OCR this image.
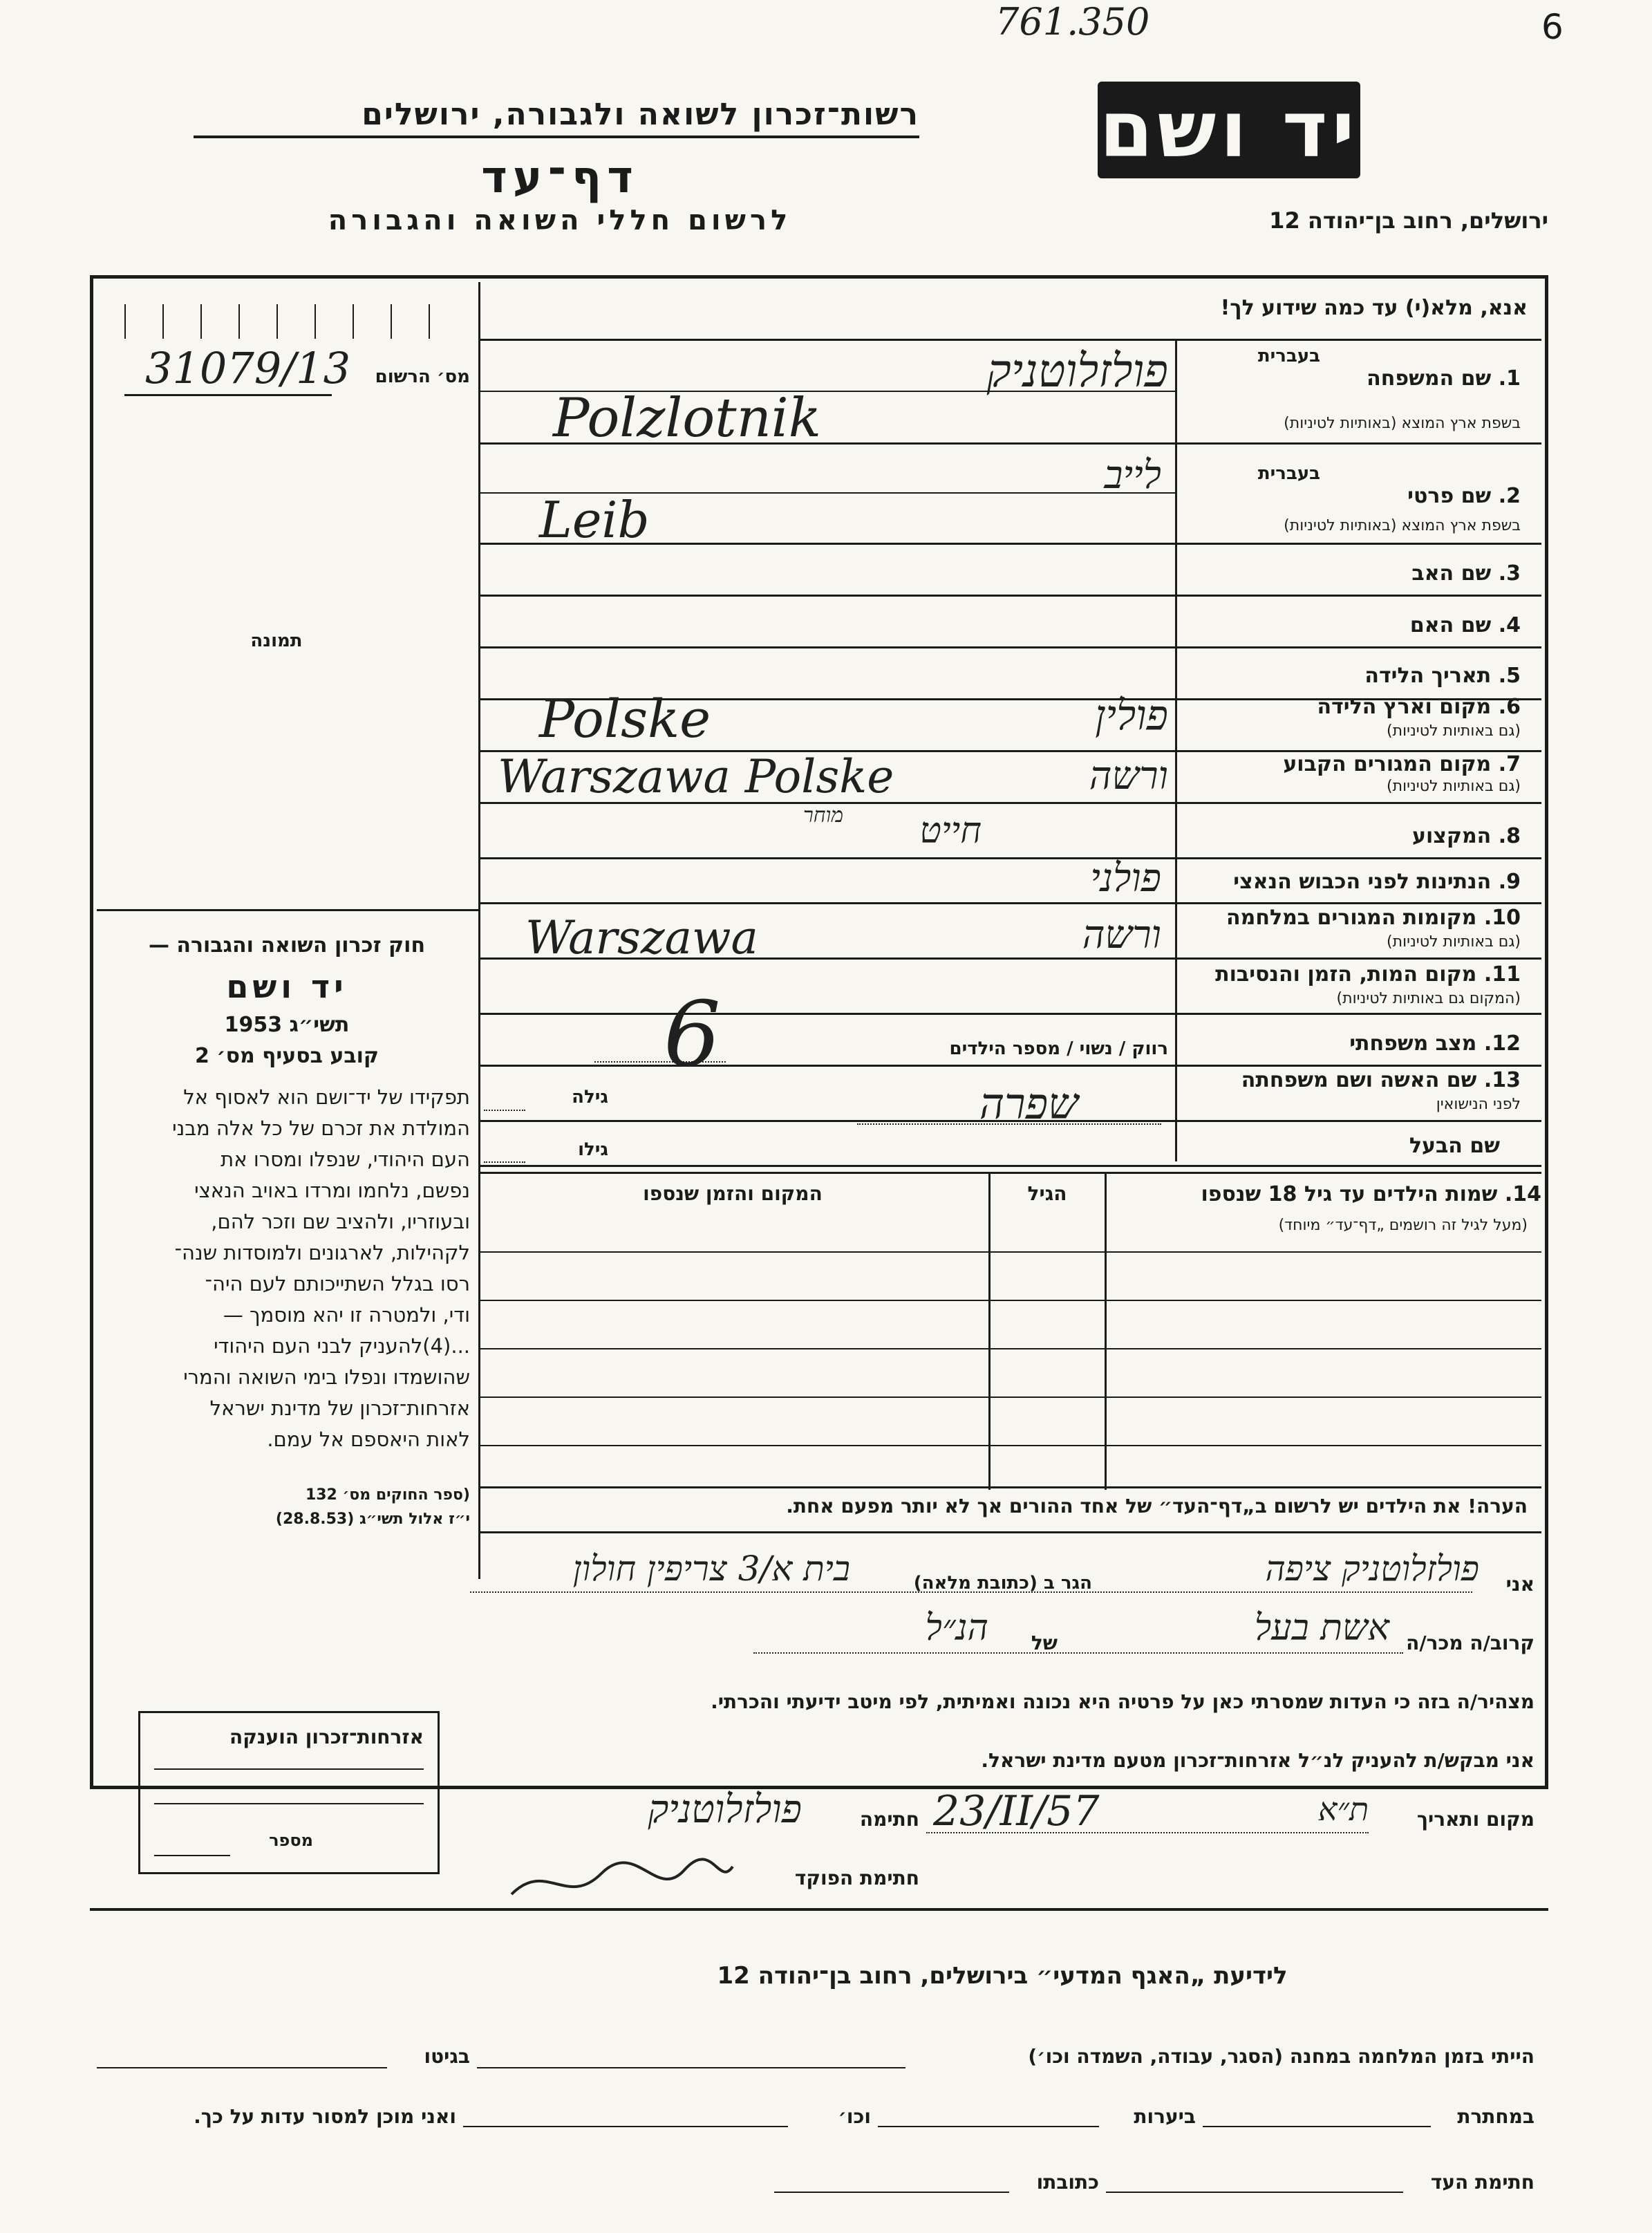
761.350	6
רשות־זכרון לשואה ולגבורה, ירושלים
דף־עד
לרשום חללי השואה והגבורה
יד ושם
ירושלים, רחוב בן־יהודה 12
מס׳ הרשום
31079/13
תמונה
חוק זכרון השואה והגבורה —
יד ושם
תשי״ג 1953
קובע בסעיף מס׳ 2
תפקידו של יד־ושם הוא לאסוף אל
המולדת את זכרם של כל אלה מבני
העם היהודי, שנפלו ומסרו את
נפשם, נלחמו ומרדו באויב הנאצי
ובעוזריו, ולהציב שם וזכר להם,
לקהילות, לארגונים ולמוסדות שנה־
רסו בגלל השתייכותם לעם היה־
ודי, ולמטרה זו יהא מוסמך —
...(4)להעניק לבני העם היהודי
שהושמדו ונפלו בימי השואה והמרי
אזרחות־זכרון של מדינת ישראל
לאות היאספם אל עמם.
(ספר החוקים מס׳ 132
י״ז אלול תשי״ג (28.8.53)
אנא, מלא(י) עד כמה שידוע לך!
1. שם המשפחה
בשפת ארץ המוצא (באותיות לטיניות)
בעברית
2. שם פרטי
בשפת ארץ המוצא (באותיות לטיניות)
בעברית
3. שם האב
4. שם האם
5. תאריך הלידה
6. מקום וארץ הלידה
(גם באותיות לטיניות)
7. מקום המגורים הקבוע
(גם באותיות לטיניות)
8. המקצוע
9. הנתינות לפני הכבוש הנאצי
10. מקומות המגורים במלחמה
(גם באותיות לטיניות)
11. מקום המות, הזמן והנסיבות
(המקום גם באותיות לטיניות)
12. מצב משפחתי
13. שם האשה ושם משפחתה
לפני הנישואין
שם הבעל
פולזלוטניק
Polzlotnik
לייב
Leib
פולין
Polske
ורשה
Warszawa Polske
חייט
מוחר
פולני
ורשה
Warszawa
רווק / נשוי / מספר הילדים
6
שפרה
גילה
גילו
14. שמות הילדים עד גיל 18 שנספו
(מעל לגיל זה רושמים „דף־עד״ מיוחד)
הגיל
המקום והזמן שנספו
הערה! את הילדים יש לרשום ב„דף־העד״ של אחד ההורים אך לא יותר מפעם אחת.
אני
פולזלוטניק ציפה
הגר ב (כתובת מלאה)
בית א/3 צריפין חולון
קרוב/ה מכר/ה
אשת בעל
של
הנ״ל
מצהיר/ה בזה כי העדות שמסרתי כאן על פרטיה היא נכונה ואמיתית, לפי מיטב ידיעתי והכרתי.
אני מבקש/ת להעניק לנ״ל אזרחות־זכרון מטעם מדינת ישראל.
מקום ותאריך
ת״א
23/II/57
חתימה
פולזלוטניק
חתימת הפוקד
אזרחות־זכרון הוענקה
מספר
לידיעת „האגף המדעי״ בירושלים, רחוב בן־יהודה 12
הייתי בזמן המלחמה במחנה (הסגר, עבודה, השמדה וכו׳)
בגיטו
במחתרת
ביערות
וכו׳
ואני מוכן למסור עדות על כך.
חתימת העד
כתובתו
